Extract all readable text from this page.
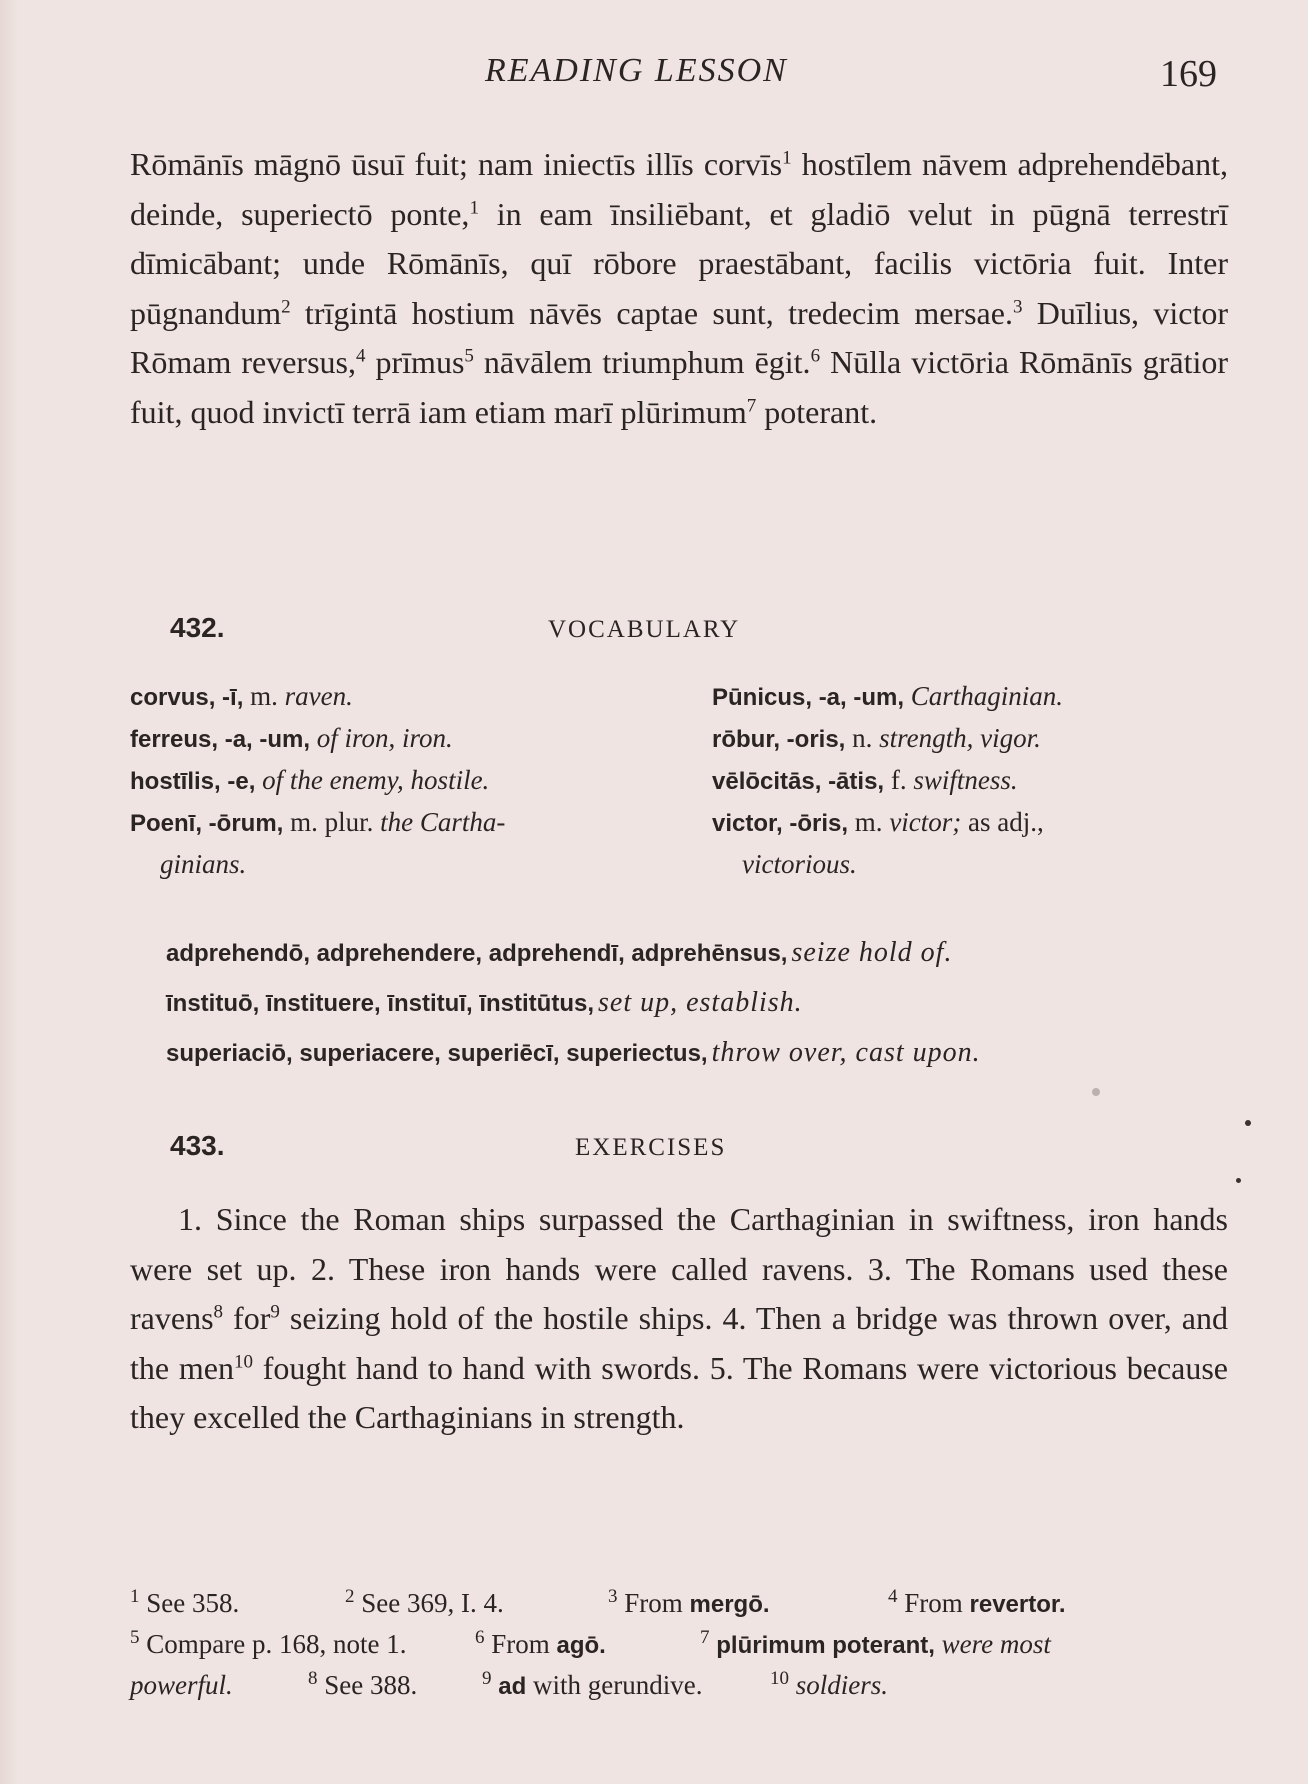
READING LESSON	169

Rōmānīs māgnō ūsuī fuit; nam iniectīs illīs corvīs$^1$ hostīlem nāvem adprehendēbant, deinde, superiectō ponte,$^1$ in eam īnsiliēbant, et gladiō velut in pūgnā terrestrī dīmicābant; unde Rōmānīs, quī rōbore praestābant, facilis victōria fuit. Inter pūgnandum$^2$ trīgintā hostium nāvēs captae sunt, tredecim mersae.$^3$ Duīlius, victor Rōmam reversus,$^4$ prīmus$^5$ nāvālem triumphum ēgit.$^6$ Nūlla victōria Rōmānīs grātior fuit, quod invictī terrā iam etiam marī plūrimum$^7$ poterant.

432.	VOCABULARY
corvus, -ī, m. raven.
ferreus, -a, -um, of iron, iron.
hostīlis, -e, of the enemy, hostile.
Poenī, -ōrum, m. plur. the Cartha-
ginians.
Pūnicus, -a, -um, Carthaginian.
rōbur, -oris, n. strength, vigor.
vēlōcitās, -ātis, f. swiftness.
victor, -ōris, m. victor; as adj.,
victorious.
adprehendō, adprehendere, adprehendī, adprehēnsus, seize hold of.
īnstituō, īnstituere, īnstituī, īnstitūtus, set up, establish.
superiaciō, superiacere, superiēcī, superiectus, throw over, cast upon.
433.	EXERCISES

1. Since the Roman ships surpassed the Carthaginian in swiftness, iron hands were set up. 2. These iron hands were called ravens. 3. The Romans used these ravens$^8$ for$^9$ seizing hold of the hostile ships. 4. Then a bridge was thrown over, and the men$^{10}$ fought hand to hand with swords. 5. The Romans were victorious because they excelled the Carthaginians in strength.

$^1$ See 358.	$^2$ See 369, I. 4.	$^3$ From mergō.	$^4$ From revertor.
$^5$ Compare p. 168, note 1.	$^6$ From agō.	$^7$ plūrimum poterant, were most
powerful.	$^8$ See 388.	$^9$ ad with gerundive.	$^{10}$ soldiers.
